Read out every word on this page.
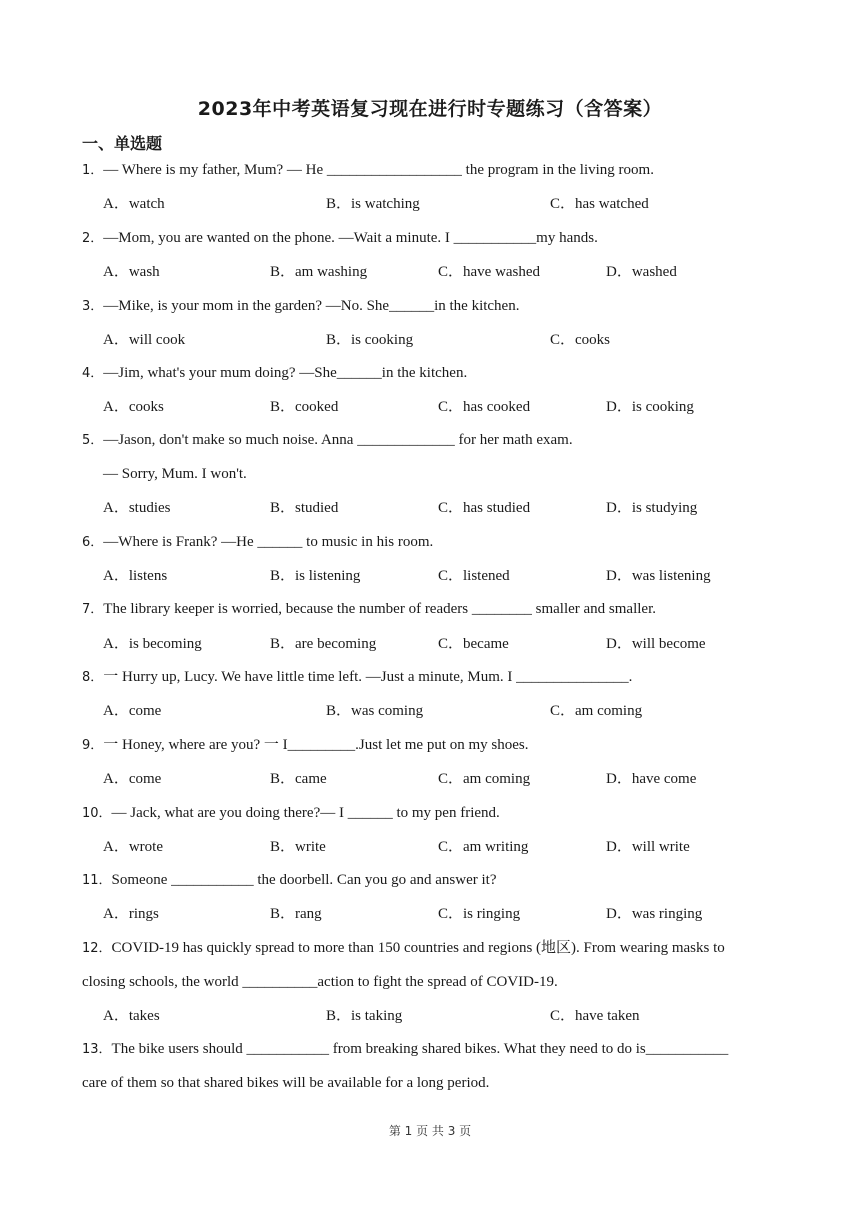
2023年中考英语复习现在进行时专题练习（含答案）
一、单选题
1．— Where is my father, Mum? — He __________________ the program in the living room.
A．watch	B．is watching	C．has watched
2．—Mom, you are wanted on the phone. —Wait a minute. I ___________my hands.
A．wash	B．am washing	C．have washed	D．washed
3．—Mike, is your mom in the garden? —No. She______in the kitchen.
A．will cook	B．is cooking	C．cooks
4．—Jim, what's your mum doing? —She______in the kitchen.
A．cooks	B．cooked	C．has cooked	D．is cooking
5．—Jason, don't make so much noise. Anna _____________ for her math exam.
— Sorry, Mum. I won't.
A．studies	B．studied	C．has studied	D．is studying
6．—Where is Frank? —He ______ to music in his room.
A．listens	B．is listening	C．listened	D．was listening
7．The library keeper is worried, because the number of readers ________ smaller and smaller.
A．is becoming	B．are becoming	C．became	D．will become
8．一 Hurry up, Lucy. We have little time left. —Just a minute, Mum. I _______________.
A．come	B．was coming	C．am coming
9．一 Honey, where are you? 一 I_________.Just let me put on my shoes.
A．come	B．came	C．am coming	D．have come
10．— Jack, what are you doing there?— I ______ to my pen friend.
A．wrote	B．write	C．am writing	D．will write
11．Someone ___________ the doorbell. Can you go and answer it?
A．rings	B．rang	C．is ringing	D．was ringing
12．COVID-19 has quickly spread to more than 150 countries and regions (地区). From wearing masks to
closing schools, the world __________action to fight the spread of COVID-19.
A．takes	B．is taking	C．have taken
13．The bike users should ___________ from breaking shared bikes. What they need to do is___________
care of them so that shared bikes will be available for a long period.
第 1 页 共 3 页
